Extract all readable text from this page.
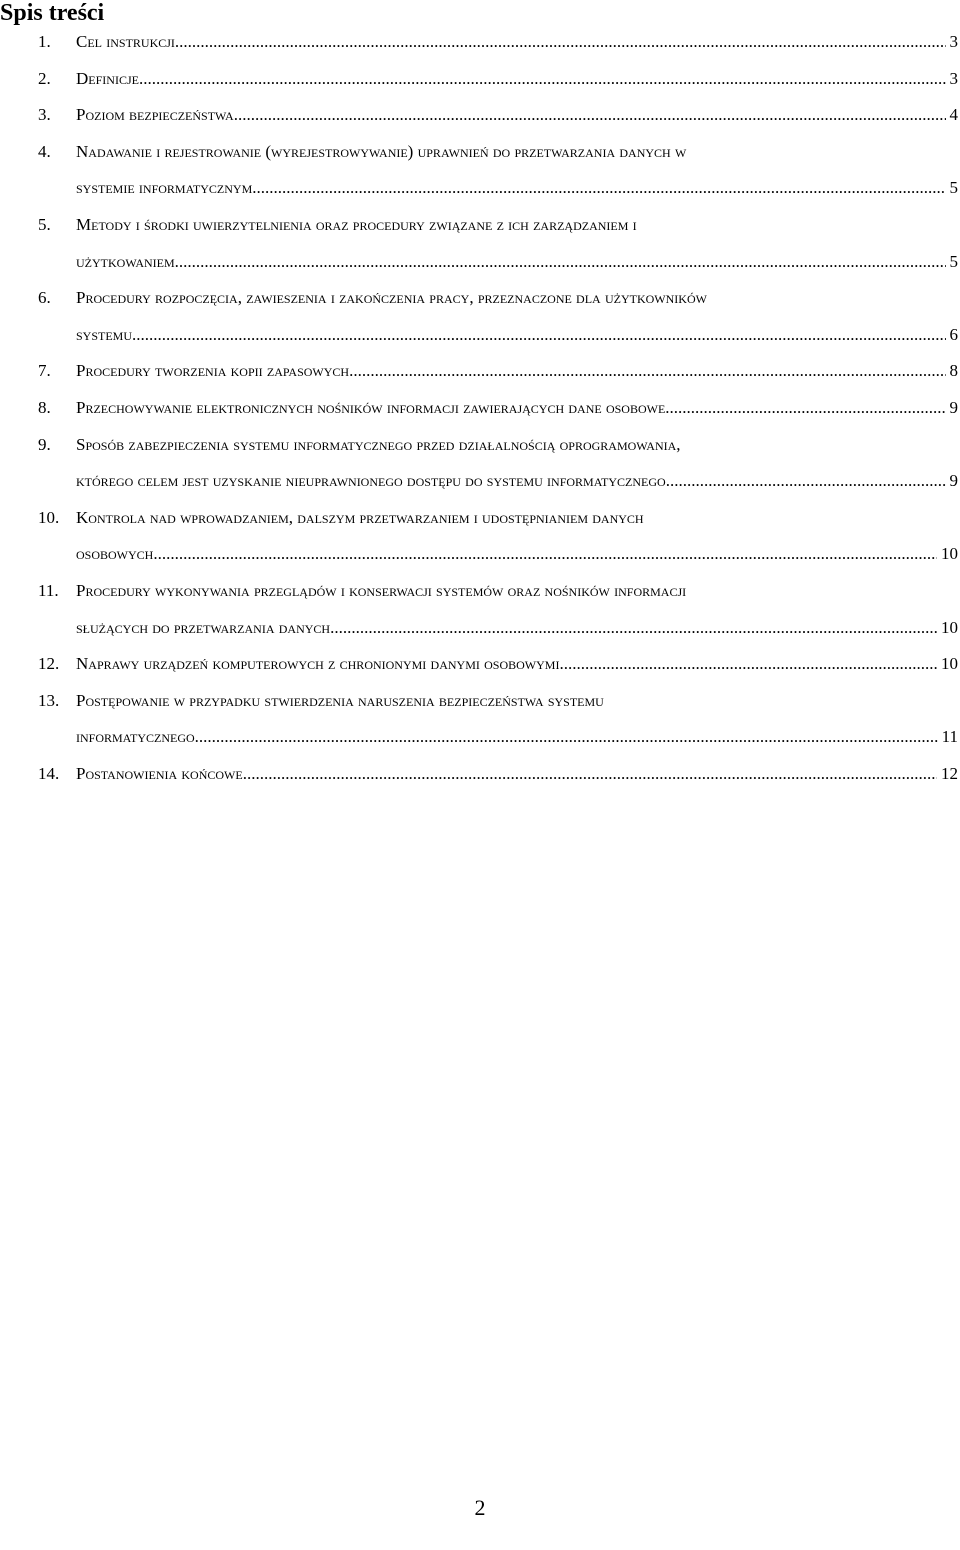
Spis treści
1. Cel instrukcji .....	3
2. Definicje .....	3
3. Poziom bezpieczeństwa .....	4
4. Nadawanie i rejestrowanie (wyrejestrowywanie) uprawnień do przetwarzania danych w
systemie informatycznym .....	5
5. Metody i środki uwierzytelnienia oraz procedury związane z ich zarządzaniem i
użytkowaniem .....	5
6. Procedury rozpoczęcia, zawieszenia i zakończenia pracy, przeznaczone dla użytkowników
systemu .....	6
7. Procedury tworzenia kopii zapasowych .....	8
8. Przechowywanie elektronicznych nośników informacji zawierających dane osobowe .....	9
9. Sposób zabezpieczenia systemu informatycznego przed działalnością oprogramowania,
którego celem jest uzyskanie nieuprawnionego dostępu do systemu informatycznego .....	9
10. Kontrola nad wprowadzaniem, dalszym przetwarzaniem i udostępnianiem danych
osobowych .....	10
11. Procedury wykonywania przeglądów i konserwacji systemów oraz nośników informacji
służących do przetwarzania danych .....	10
12. Naprawy urządzeń komputerowych z chronionymi danymi osobowymi .....	10
13. Postępowanie w przypadku stwierdzenia naruszenia bezpieczeństwa systemu
informatycznego .....	11
14. Postanowienia końcowe .....	12
2
